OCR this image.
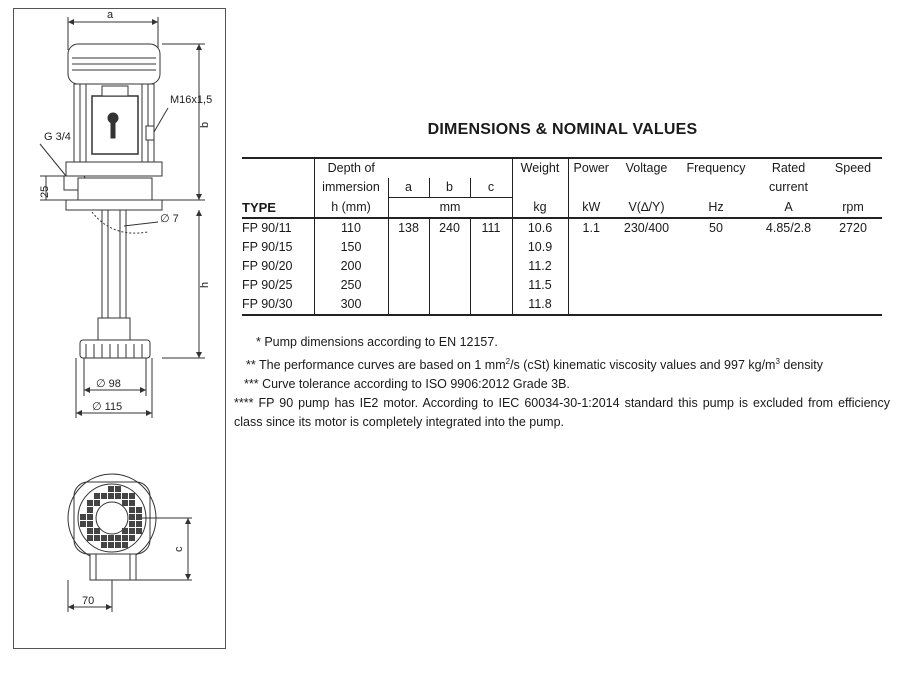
a
M16x1,5
G 3/4
b
h
25
∅ 7
∅ 98
∅ 115
c
70
DIMENSIONS & NOMINAL VALUES
	Depth of				Weight	Power	Voltage	Frequency	Rated	Speed
	immersion	a	b	c					current	
TYPE	h (mm)	mm			kg	kW	V(∆/Y)	Hz	A	rpm
FP 90/11	110	138	240	111	10.6	1.1	230/400	50	4.85/2.8	2720
FP 90/15	150				10.9					
FP 90/20	200				11.2					
FP 90/25	250				11.5					
FP 90/30	300				11.8					

* Pump dimensions according to EN 12157.

** The performance curves are based on 1 $mm^2/s$ (cSt) kinematic viscosity values and 997 $kg/m^3$ density

*** Curve tolerance according to ISO 9906:2012 Grade 3B.

**** FP 90 pump has IE2 motor. According to IEC 60034-30-1:2014 standard this pump is excluded from efficiency class since its motor is completely integrated into the pump.
